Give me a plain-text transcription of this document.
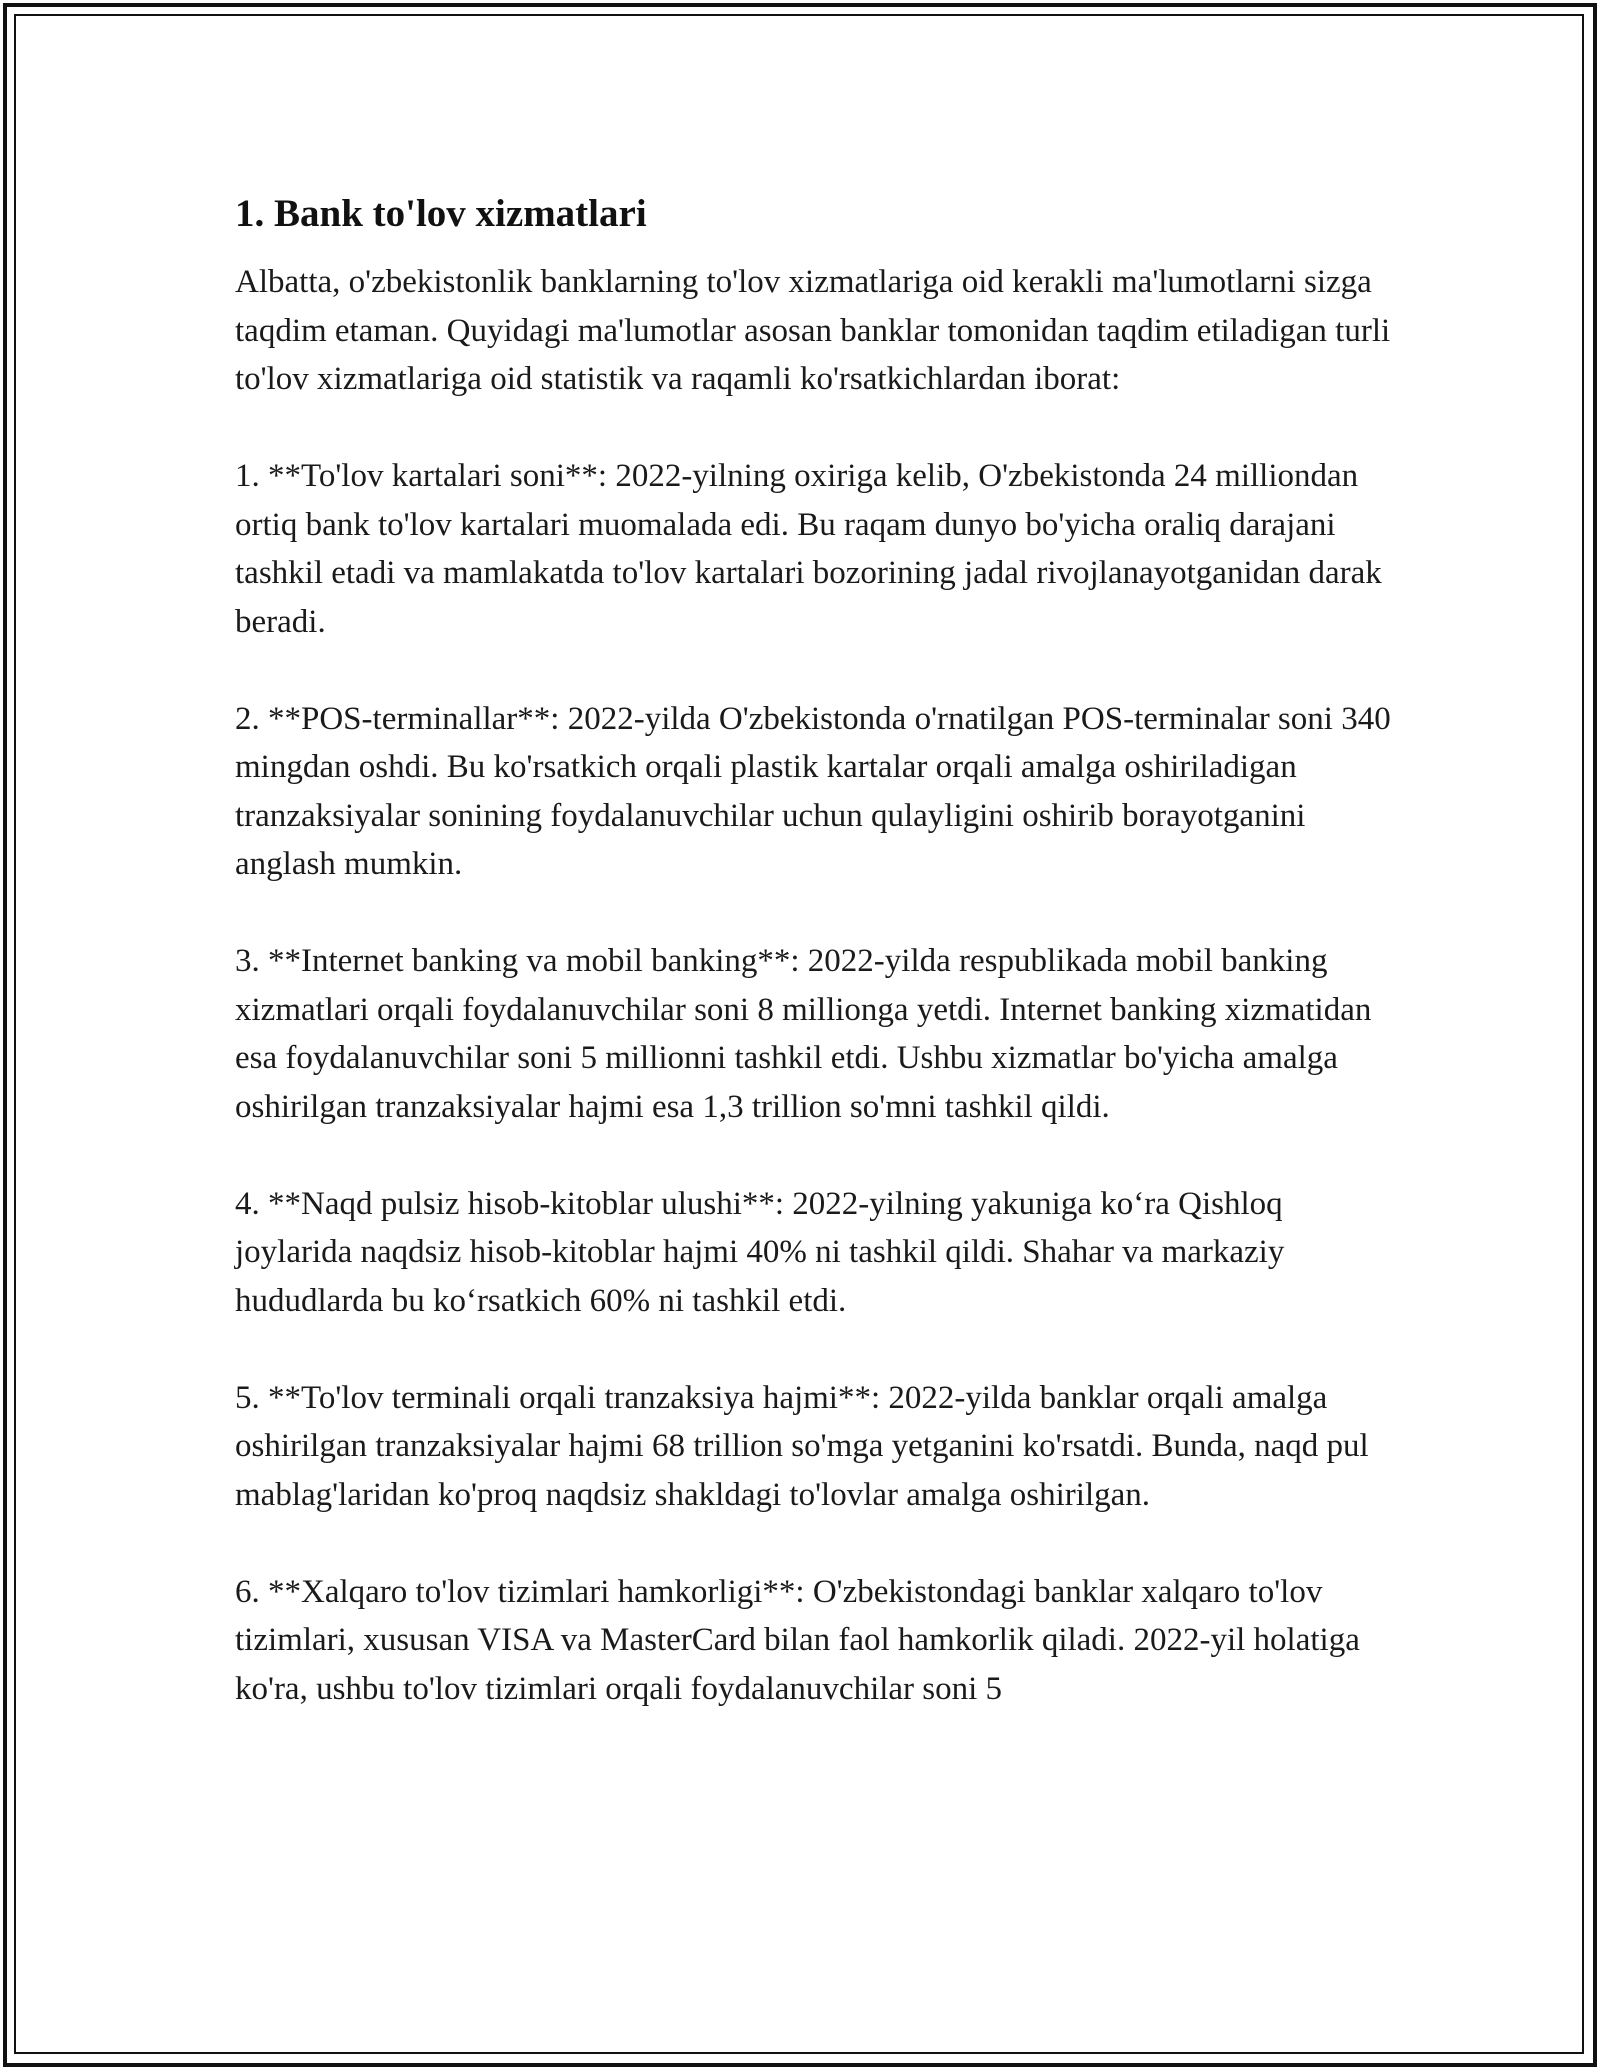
1. Bank to'lov xizmatlari

Albatta, o'zbekistonlik banklarning to'lov xizmatlariga oid kerakli ma'lumotlarni sizga taqdim etaman. Quyidagi ma'lumotlar asosan banklar tomonidan taqdim etiladigan turli to'lov xizmatlariga oid statistik va raqamli ko'rsatkichlardan iborat:

1. **To'lov kartalari soni**: 2022-yilning oxiriga kelib, O'zbekistonda 24 milliondan ortiq bank to'lov kartalari muomalada edi. Bu raqam dunyo bo'yicha oraliq darajani tashkil etadi va mamlakatda to'lov kartalari bozorining jadal rivojlanayotganidan darak beradi.

2. **POS-terminallar**: 2022-yilda O'zbekistonda o'rnatilgan POS-terminalar soni 340 mingdan oshdi. Bu ko'rsatkich orqali plastik kartalar orqali amalga oshiriladigan tranzaksiyalar sonining foydalanuvchilar uchun qulayligini oshirib borayotganini anglash mumkin.

3. **Internet banking va mobil banking**: 2022-yilda respublikada mobil banking xizmatlari orqali foydalanuvchilar soni 8 millionga yetdi. Internet banking xizmatidan esa foydalanuvchilar soni 5 millionni tashkil etdi. Ushbu xizmatlar bo'yicha amalga oshirilgan tranzaksiyalar hajmi esa 1,3 trillion so'mni tashkil qildi.

4. **Naqd pulsiz hisob-kitoblar ulushi**: 2022-yilning yakuniga ko‘ra Qishloq joylarida naqdsiz hisob-kitoblar hajmi 40% ni tashkil qildi. Shahar va markaziy hududlarda bu ko‘rsatkich 60% ni tashkil etdi.

5. **To'lov terminali orqali tranzaksiya hajmi**: 2022-yilda banklar orqali amalga oshirilgan tranzaksiyalar hajmi 68 trillion so'mga yetganini ko'rsatdi. Bunda, naqd pul mablag'laridan ko'proq naqdsiz shakldagi to'lovlar amalga oshirilgan.

6. **Xalqaro to'lov tizimlari hamkorligi**: O'zbekistondagi banklar xalqaro to'lov tizimlari, xususan VISA va MasterCard bilan faol hamkorlik qiladi. 2022-yil holatiga ko'ra, ushbu to'lov tizimlari orqali foydalanuvchilar soni 5
